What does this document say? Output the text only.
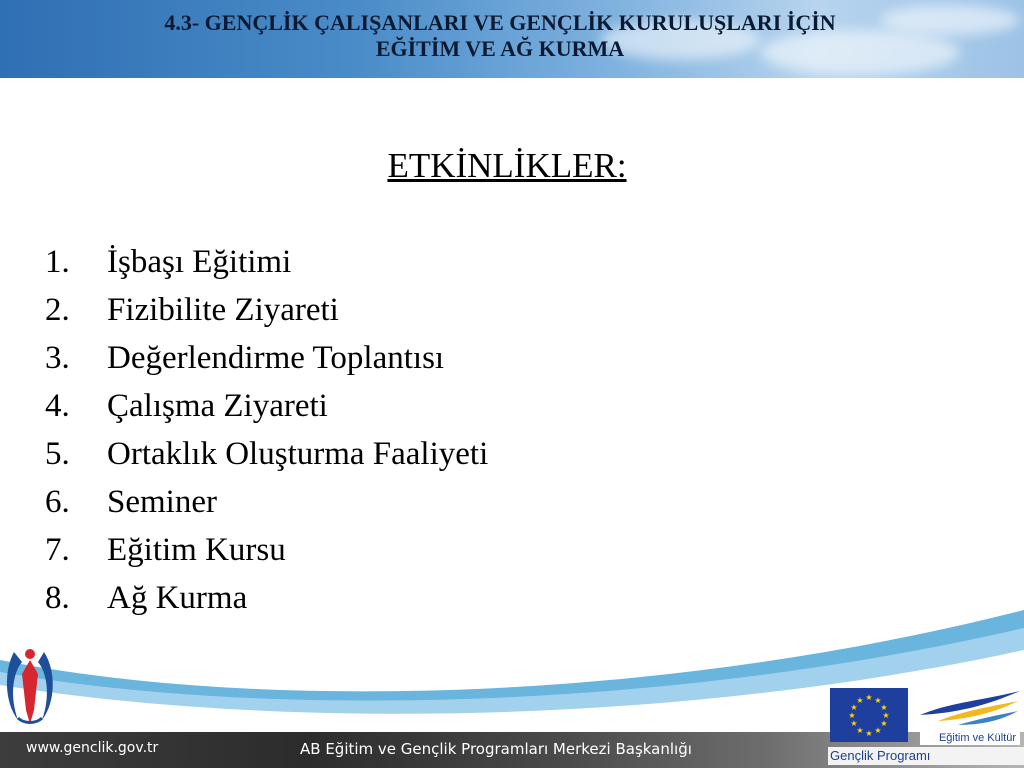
4.3- GENÇLİK ÇALIŞANLARI VE GENÇLİK KURULUŞLARI İÇİN
EĞİTİM VE AĞ KURMA
ETKİNLİKLER:
1. İşbaşı Eğitimi
2. Fizibilite Ziyareti
3. Değerlendirme Toplantısı
4. Çalışma Ziyareti
5. Ortaklık Oluşturma Faaliyeti
6. Seminer
7. Eğitim Kursu
8. Ağ Kurma
www.genclik.gov.tr	AB Eğitim ve Gençlik Programları Merkezi Başkanlığı
★ ★
★
★
★
★
★
★
★
★
★
★
Eğitim ve Kültür
Gençlik Programı
